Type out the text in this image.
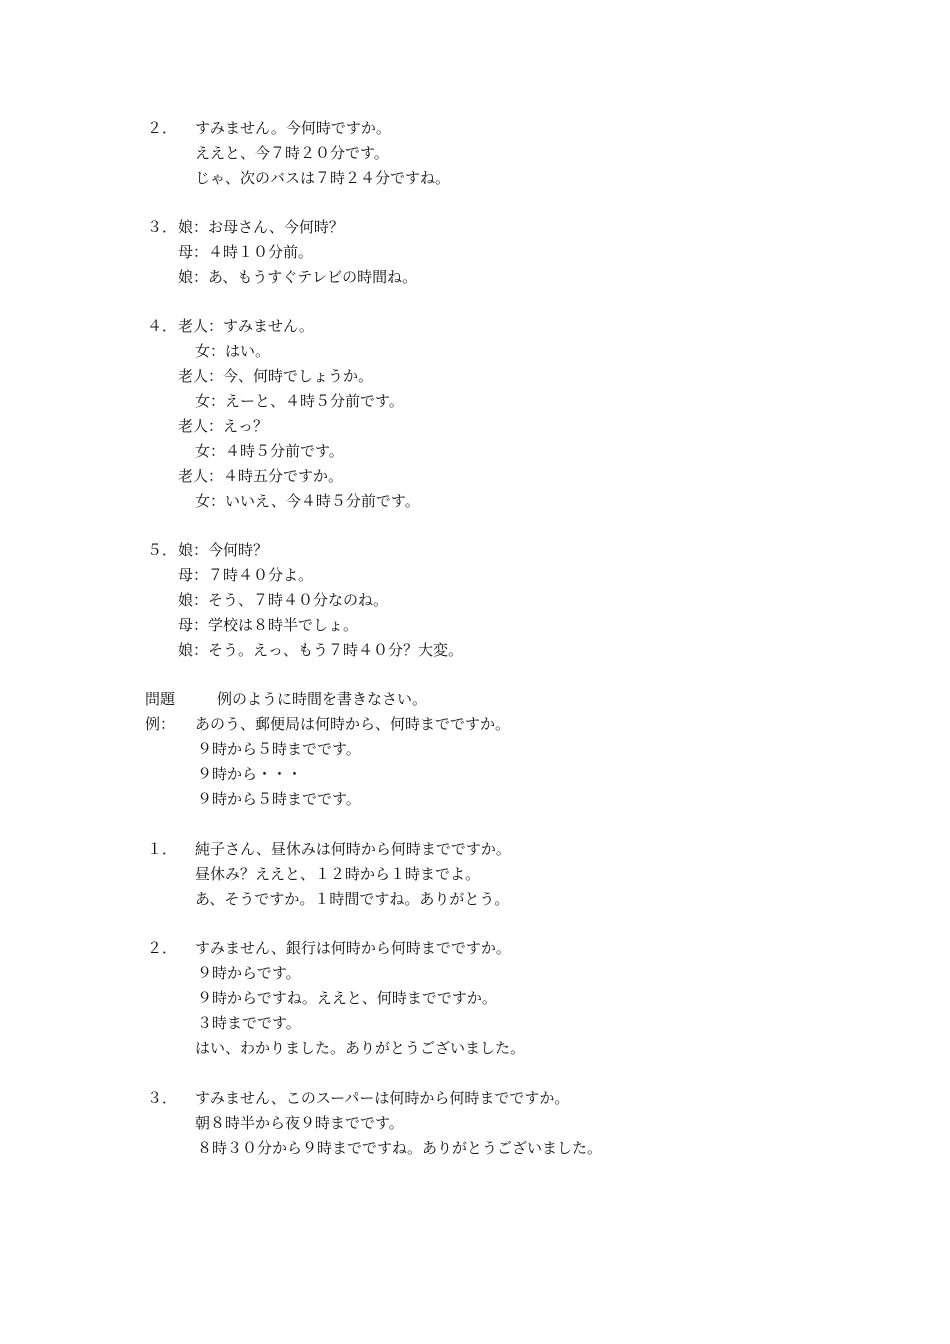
２． すみません。今何時ですか。
ええと、今７時２０分です。
じゃ、次のバスは７時２４分ですね。
３． 娘：お母さん、今何時？
母：４時１０分前。
娘：あ、もうすぐテレビの時間ね。
４． 老人：すみません。
女：はい。
老人：今、何時でしょうか。
女：えーと、４時５分前です。
老人：えっ？
女：４時５分前です。
老人：４時五分ですか。
女：いいえ、今４時５分前です。
５． 娘：今何時？
母：７時４０分よ。
娘：そう、７時４０分なのね。
母：学校は８時半でしょ。
娘：そう。えっ、もう７時４０分？大変。
問題	例のように時間を書きなさい。
例： あのう、郵便局は何時から、何時までですか。
９時から５時までです。
９時から・・・
９時から５時までです。
１． 純子さん、昼休みは何時から何時までですか。
昼休み？ええと、１２時から１時までよ。
あ、そうですか。１時間ですね。ありがとう。
２． すみません、銀行は何時から何時までですか。
９時からです。
９時からですね。ええと、何時までですか。
３時までです。
はい、わかりました。ありがとうございました。
３． すみません、このスーパーは何時から何時までですか。
朝８時半から夜９時までです。
８時３０分から９時までですね。ありがとうございました。
